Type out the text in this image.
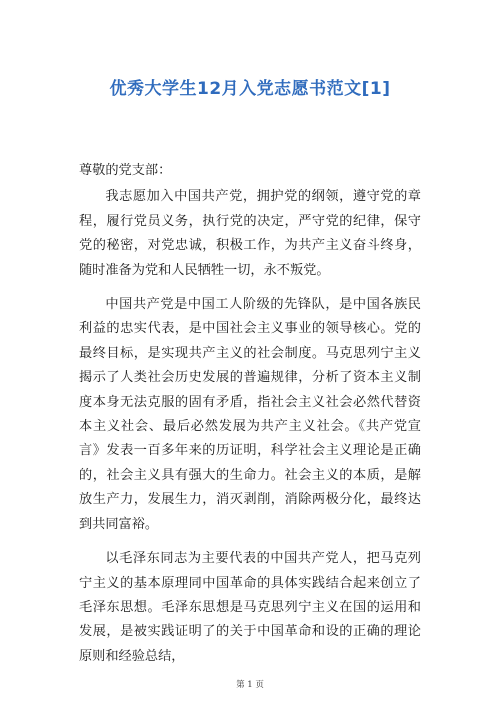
优秀大学生12月入党志愿书范文[1]

尊敬的党支部：

我志愿加入中国共产党，拥护党的纲领，遵守党的章程，履行党员义务，执行党的决定，严守党的纪律，保守党的秘密，对党忠诚，积极工作，为共产主义奋斗终身，随时准备为党和人民牺牲一切，永不叛党。

中国共产党是中国工人阶级的先锋队，是中国各族民利益的忠实代表，是中国社会主义事业的领导核心。党的最终目标，是实现共产主义的社会制度。马克思列宁主义揭示了人类社会历史发展的普遍规律，分析了资本主义制度本身无法克服的固有矛盾，指社会主义社会必然代替资本主义社会、最后必然发展为共产主义社会。《共产党宣言》发表一百多年来的历证明，科学社会主义理论是正确的，社会主义具有强大的生命力。社会主义的本质，是解放生产力，发展生力，消灭剥削，消除两极分化，最终达到共同富裕。

以毛泽东同志为主要代表的中国共产党人，把马克列宁主义的基本原理同中国革命的具体实践结合起来创立了毛泽东思想。毛泽东思想是马克思列宁主义在国的运用和发展，是被实践证明了的关于中国革命和设的正确的理论原则和经验总结，

第 1 页
